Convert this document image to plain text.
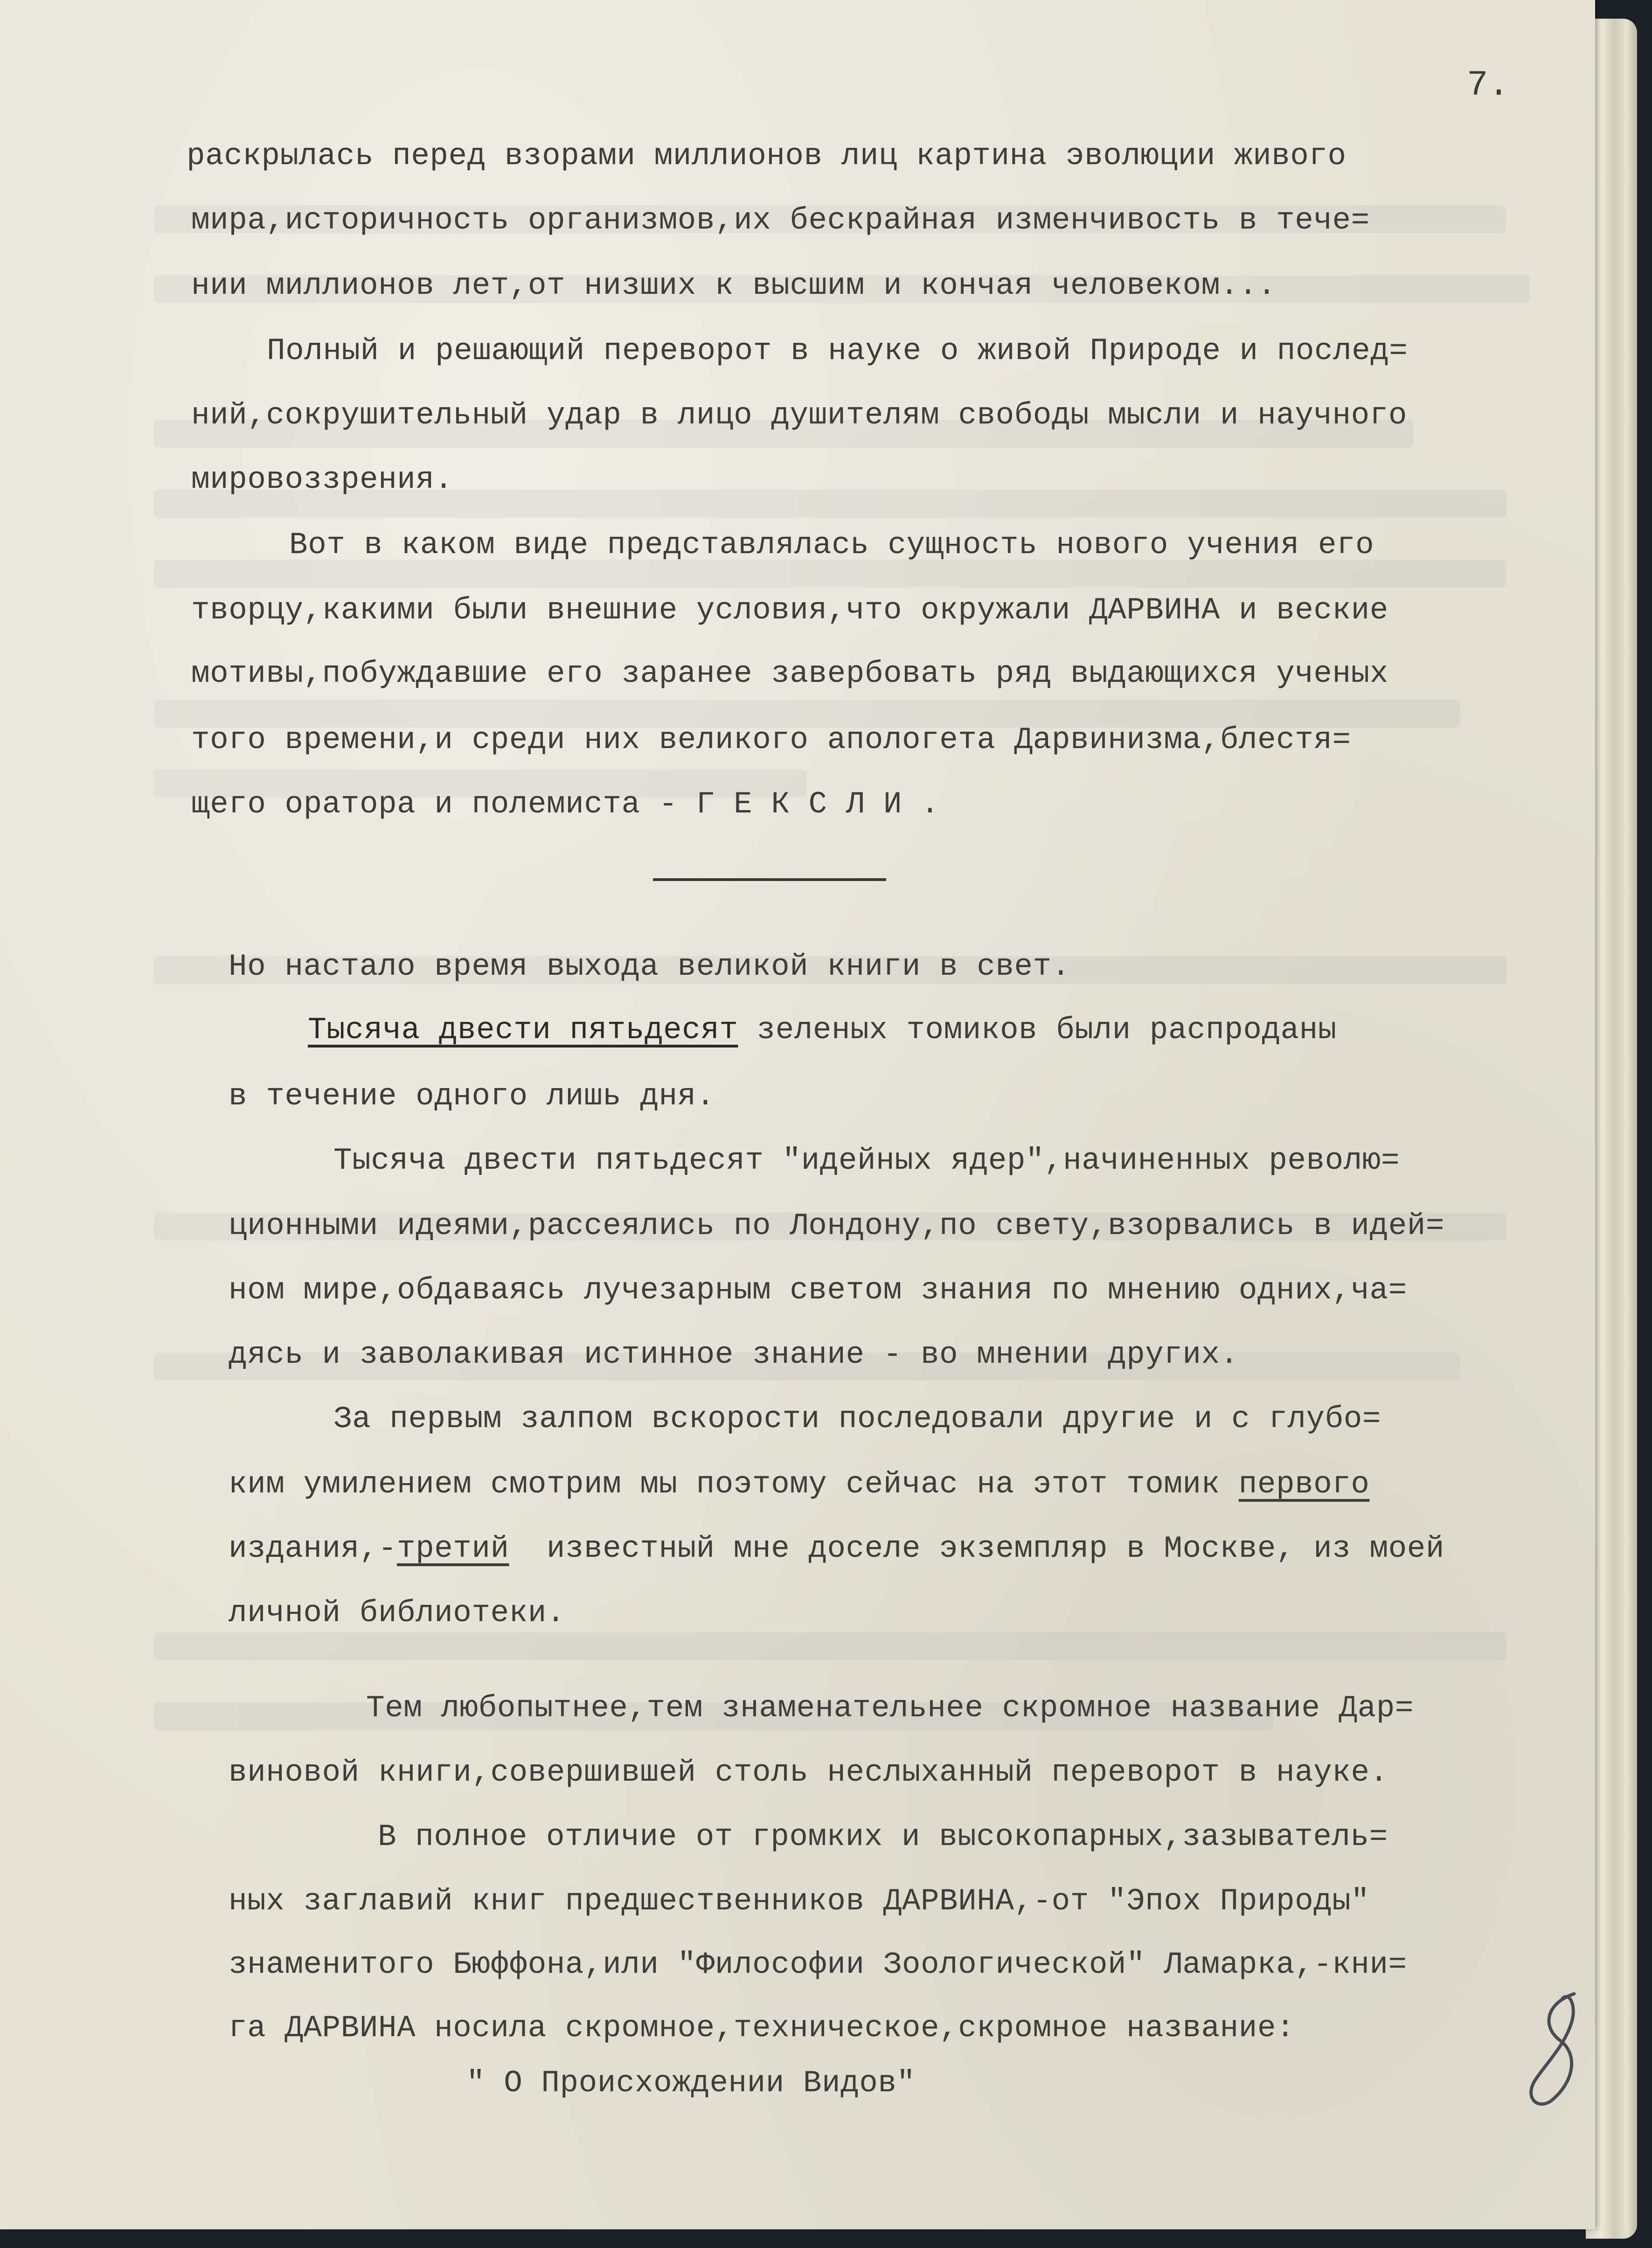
7.
раскрылась перед взорами миллионов лиц картина эволюции живого
мира,историчность организмов,их бескрайная изменчивость в тече=
нии миллионов лет,от низших к высшим и кончая человеком...
Полный и решающий переворот в науке о живой Природе и послед=
ний,сокрушительный удар в лицо душителям свободы мысли и научного
мировоззрения.
Вот в каком виде представлялась сущность нового учения его
творцу,какими были внешние условия,что окружали ДАРВИНА и веские
мотивы,побуждавшие его заранее завербовать ряд выдающихся ученых
того времени,и среди них великого апологета Дарвинизма,блестя=
щего оратора и полемиста - Г Е К С Л И .
Но настало время выхода великой книги в свет.
Тысяча двести пятьдесят зеленых томиков были распроданы
в течение одного лишь дня.
Тысяча двести пятьдесят "идейных ядер",начиненных револю=
ционными идеями,рассеялись по Лондону,по свету,взорвались в идей=
ном мире,обдаваясь лучезарным светом знания по мнению одних,ча=
дясь и заволакивая истинное знание - во мнении других.
За первым залпом вскорости последовали другие и с глубо=
ким умилением смотрим мы поэтому сейчас на этот томик первого
издания,-третий  известный мне доселе экземпляр в Москве, из моей
личной библиотеки.
Тем любопытнее,тем знаменательнее скромное название Дар=
виновой книги,совершившей столь неслыханный переворот в науке.
В полное отличие от громких и высокопарных,зазыватель=
ных заглавий книг предшественников ДАРВИНА,-от "Эпох Природы"
знаменитого Бюффона,или "Философии Зоологической" Ламарка,-кни=
га ДАРВИНА носила скромное,техническое,скромное название:
" О Происхождении Видов"
